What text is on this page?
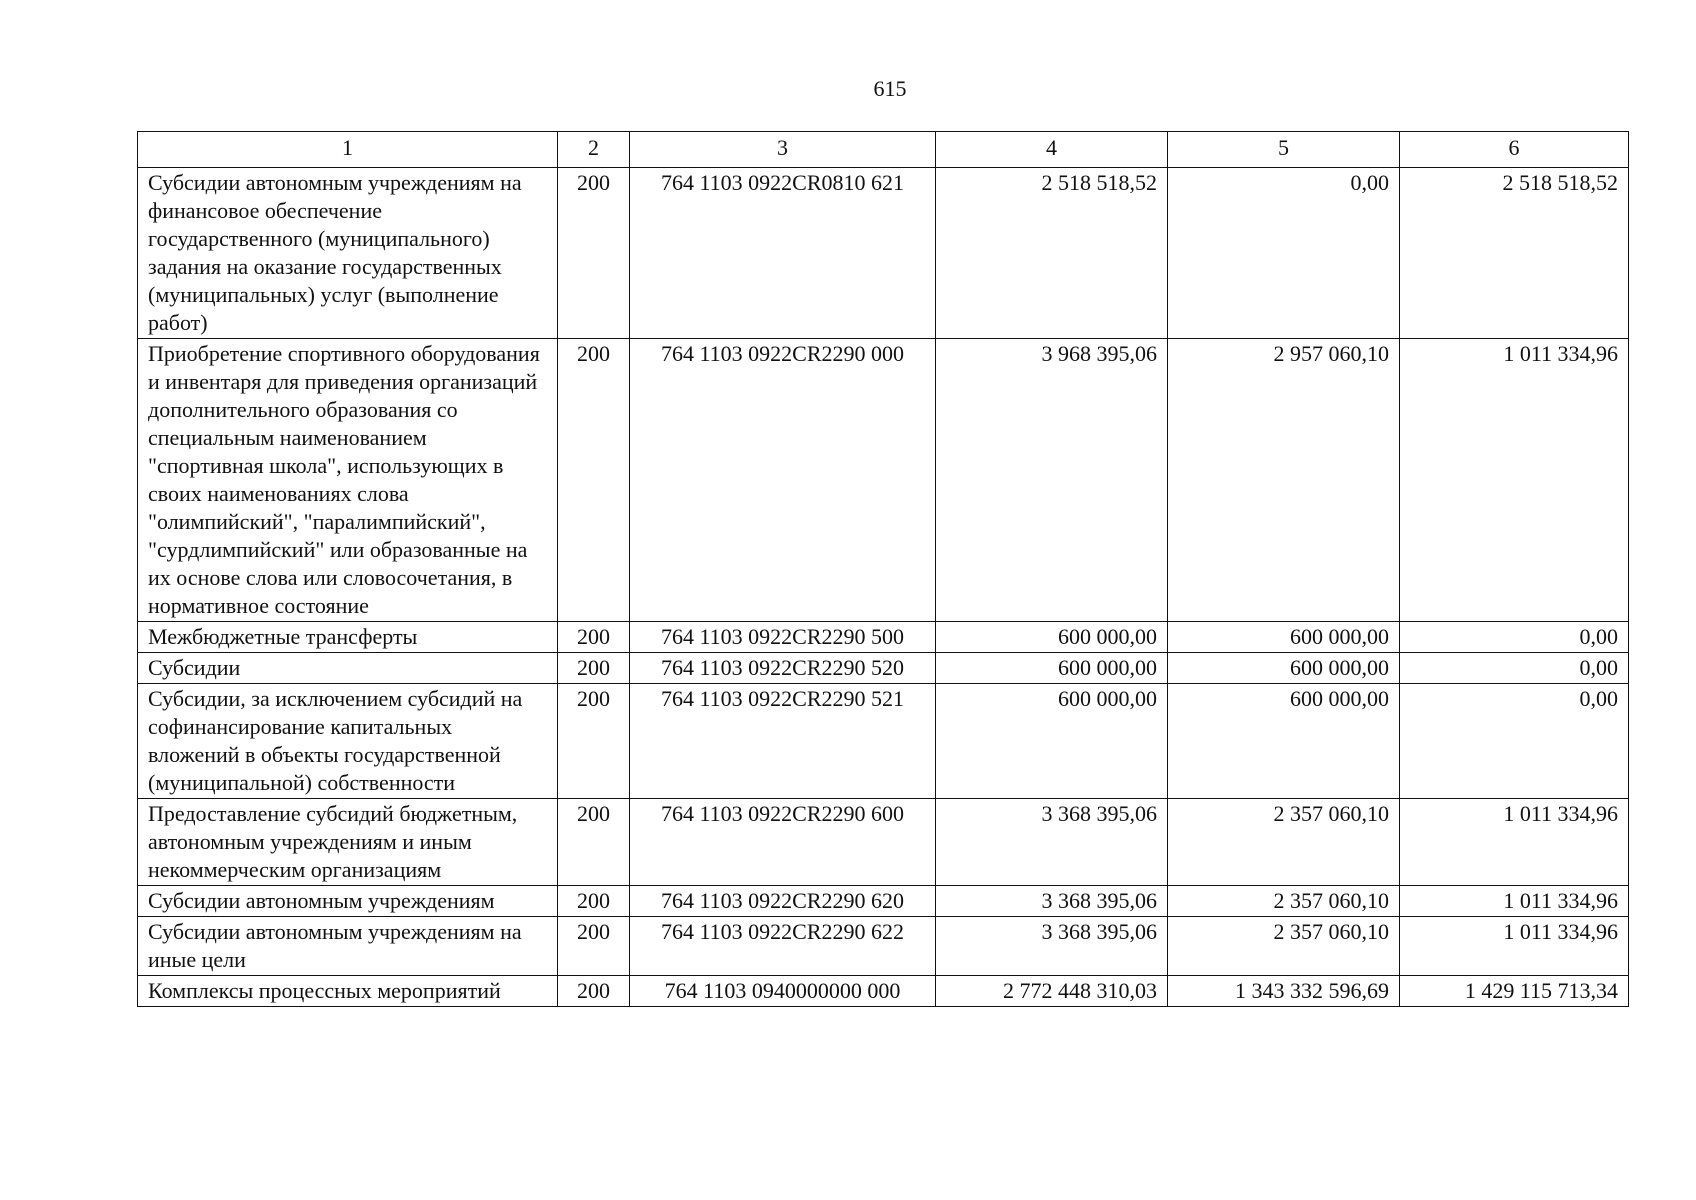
615
1	2	3	4	5	6
Субсидии автономным учреждениям на финансовое обеспечение государственного (муниципального) задания на оказание государственных (муниципальных) услуг (выполнение работ)	200	764 1103 0922CR0810 621	2 518 518,52	0,00	2 518 518,52
Приобретение спортивного оборудования и инвентаря для приведения организаций дополнительного образования со специальным наименованием "спортивная школа", использующих в своих наименованиях слова "олимпийский", "паралимпийский", "сурдлимпийский" или образованные на их основе слова или словосочетания, в нормативное состояние	200	764 1103 0922CR2290 000	3 968 395,06	2 957 060,10	1 011 334,96
Межбюджетные трансферты	200	764 1103 0922CR2290 500	600 000,00	600 000,00	0,00
Субсидии	200	764 1103 0922CR2290 520	600 000,00	600 000,00	0,00
Субсидии, за исключением субсидий на софинансирование капитальных вложений в объекты государственной (муниципальной) собственности	200	764 1103 0922CR2290 521	600 000,00	600 000,00	0,00
Предоставление субсидий бюджетным, автономным учреждениям и иным некоммерческим организациям	200	764 1103 0922CR2290 600	3 368 395,06	2 357 060,10	1 011 334,96
Субсидии автономным учреждениям	200	764 1103 0922CR2290 620	3 368 395,06	2 357 060,10	1 011 334,96
Субсидии автономным учреждениям на иные цели	200	764 1103 0922CR2290 622	3 368 395,06	2 357 060,10	1 011 334,96
Комплексы процессных мероприятий	200	764 1103 0940000000 000	2 772 448 310,03	1 343 332 596,69	1 429 115 713,34
